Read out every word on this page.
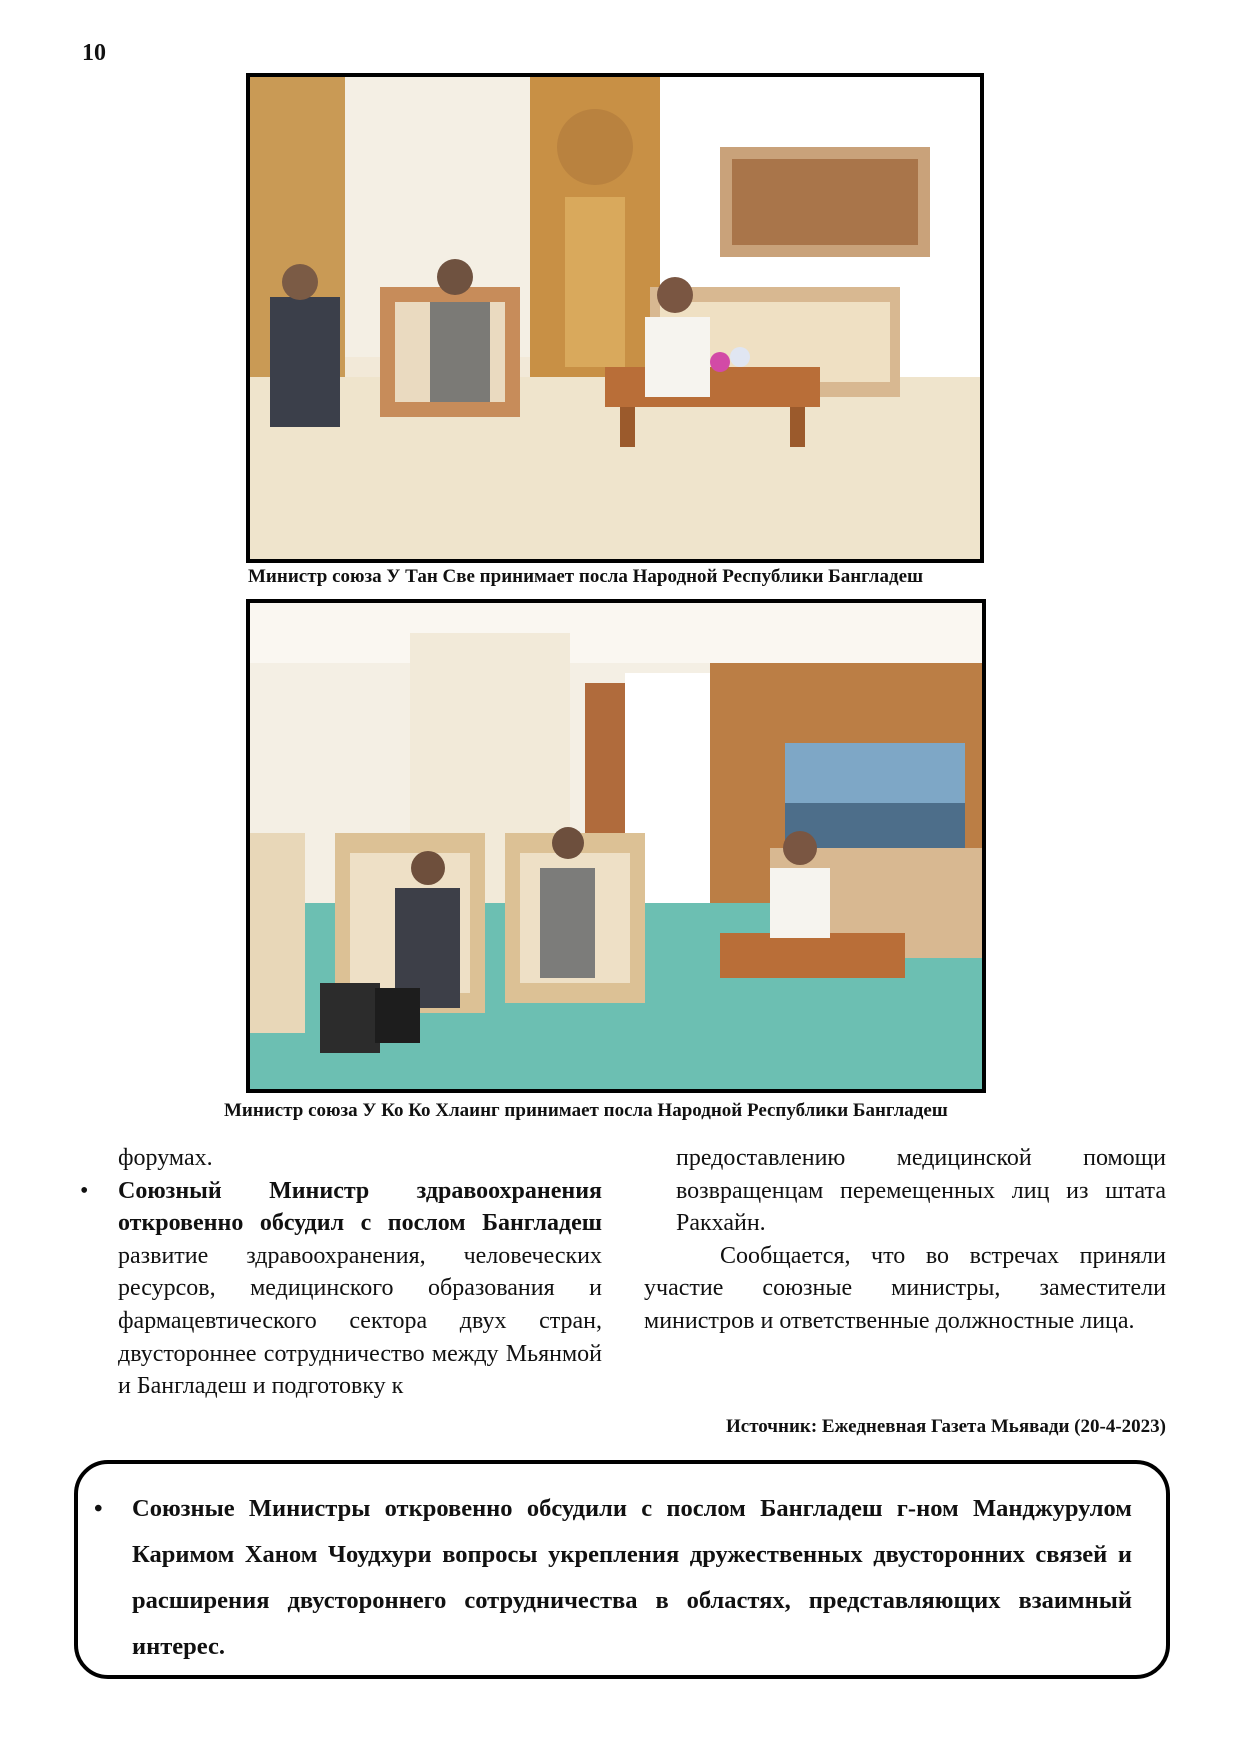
10
Министр союза У Тан Све принимает посла Народной Республики Бангладеш
Министр союза У Ко Ко Хлаинг принимает посла Народной Республики Бангладеш

форумах.

• Союзный Министр здравоохранения откровенно обсудил с послом Бангладеш развитие здравоохранения, человеческих ресурсов, медицинского образования и фармацевтического сектора двух стран, двустороннее сотрудничество между Мьянмой и Бангладеш и подготовку к

предоставлению медицинской помощи возвращенцам перемещенных лиц из штата Ракхайн.

Сообщается, что во встречах приняли участие союзные министры, заместители министров и ответственные должностные лица.

Источник: Ежедневная Газета Мьявади (20-4-2023)
• Союзные Министры откровенно обсудили с послом Бангладеш г-ном Манджурулом Каримом Ханом Чоудхури вопросы укрепления дружественных двусторонних связей и расширения двустороннего сотрудничества в областях, представляющих взаимный интерес.
